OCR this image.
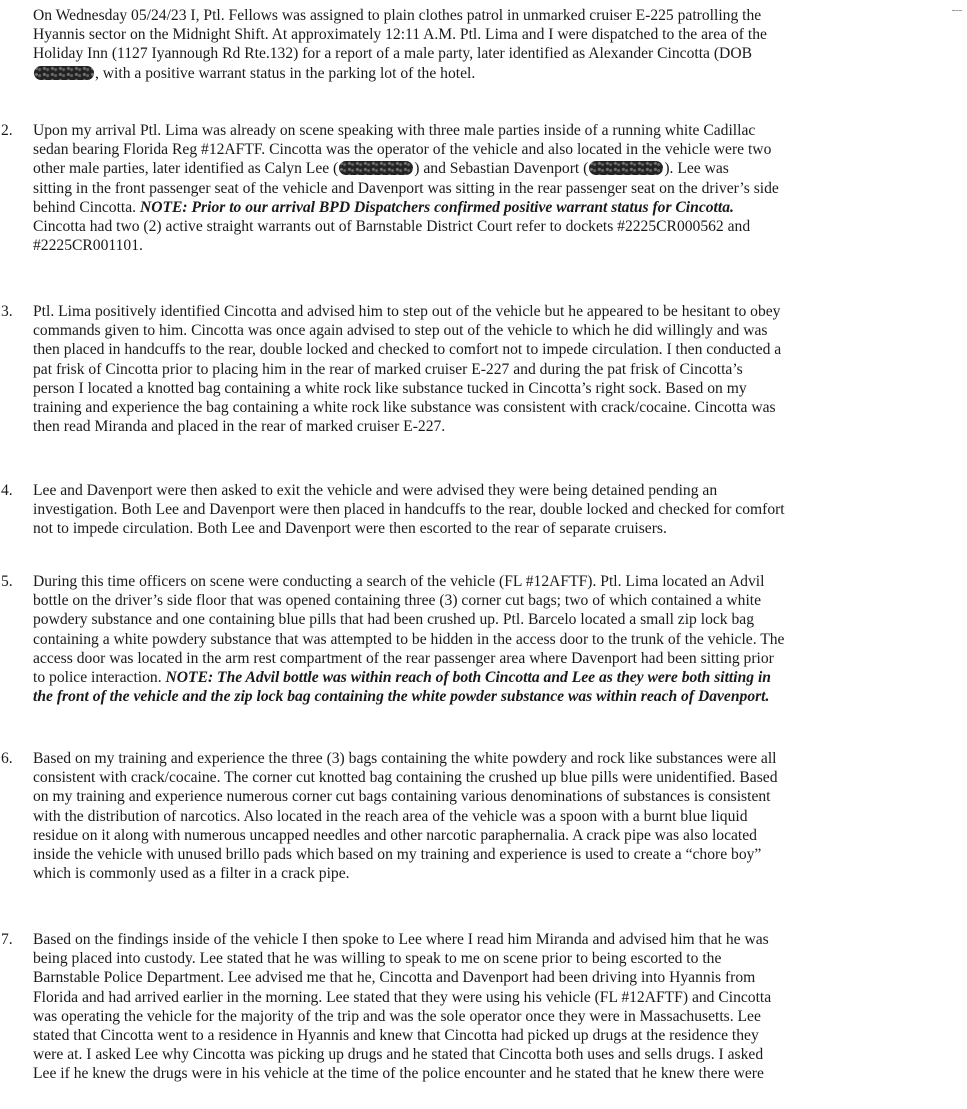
On Wednesday 05/24/23 I, Ptl. Fellows was assigned to plain clothes patrol in unmarked cruiser E-225 patrolling the
Hyannis sector on the Midnight Shift. At approximately 12:11 A.M. Ptl. Lima and I were dispatched to the area of the
Holiday Inn (1127 Iyannough Rd Rte.132) for a report of a male party, later identified as Alexander Cincotta (DOB
, with a positive warrant status in the parking lot of the hotel.
2. Upon my arrival Ptl. Lima was already on scene speaking with three male parties inside of a running white Cadillac
sedan bearing Florida Reg #12AFTF. Cincotta was the operator of the vehicle and also located in the vehicle were two
other male parties, later identified as Calyn Lee (	) and Sebastian Davenport (	). Lee was
sitting in the front passenger seat of the vehicle and Davenport was sitting in the rear passenger seat on the driver’s side
behind Cincotta. NOTE: Prior to our arrival BPD Dispatchers confirmed positive warrant status for Cincotta.
Cincotta had two (2) active straight warrants out of Barnstable District Court refer to dockets #2225CR000562 and
#2225CR001101.
3. Ptl. Lima positively identified Cincotta and advised him to step out of the vehicle but he appeared to be hesitant to obey
commands given to him. Cincotta was once again advised to step out of the vehicle to which he did willingly and was
then placed in handcuffs to the rear, double locked and checked to comfort not to impede circulation. I then conducted a
pat frisk of Cincotta prior to placing him in the rear of marked cruiser E-227 and during the pat frisk of Cincotta’s
person I located a knotted bag containing a white rock like substance tucked in Cincotta’s right sock. Based on my
training and experience the bag containing a white rock like substance was consistent with crack/cocaine. Cincotta was
then read Miranda and placed in the rear of marked cruiser E-227.
4. Lee and Davenport were then asked to exit the vehicle and were advised they were being detained pending an
investigation. Both Lee and Davenport were then placed in handcuffs to the rear, double locked and checked for comfort
not to impede circulation. Both Lee and Davenport were then escorted to the rear of separate cruisers.
5. During this time officers on scene were conducting a search of the vehicle (FL #12AFTF). Ptl. Lima located an Advil
bottle on the driver’s side floor that was opened containing three (3) corner cut bags; two of which contained a white
powdery substance and one containing blue pills that had been crushed up. Ptl. Barcelo located a small zip lock bag
containing a white powdery substance that was attempted to be hidden in the access door to the trunk of the vehicle. The
access door was located in the arm rest compartment of the rear passenger area where Davenport had been sitting prior
to police interaction. NOTE: The Advil bottle was within reach of both Cincotta and Lee as they were both sitting in
the front of the vehicle and the zip lock bag containing the white powder substance was within reach of Davenport.
6. Based on my training and experience the three (3) bags containing the white powdery and rock like substances were all
consistent with crack/cocaine. The corner cut knotted bag containing the crushed up blue pills were unidentified. Based
on my training and experience numerous corner cut bags containing various denominations of substances is consistent
with the distribution of narcotics. Also located in the reach area of the vehicle was a spoon with a burnt blue liquid
residue on it along with numerous uncapped needles and other narcotic paraphernalia. A crack pipe was also located
inside the vehicle with unused brillo pads which based on my training and experience is used to create a “chore boy”
which is commonly used as a filter in a crack pipe.
7. Based on the findings inside of the vehicle I then spoke to Lee where I read him Miranda and advised him that he was
being placed into custody. Lee stated that he was willing to speak to me on scene prior to being escorted to the
Barnstable Police Department. Lee advised me that he, Cincotta and Davenport had been driving into Hyannis from
Florida and had arrived earlier in the morning. Lee stated that they were using his vehicle (FL #12AFTF) and Cincotta
was operating the vehicle for the majority of the trip and was the sole operator once they were in Massachusetts. Lee
stated that Cincotta went to a residence in Hyannis and knew that Cincotta had picked up drugs at the residence they
were at. I asked Lee why Cincotta was picking up drugs and he stated that Cincotta both uses and sells drugs. I asked
Lee if he knew the drugs were in his vehicle at the time of the police encounter and he stated that he knew there were
